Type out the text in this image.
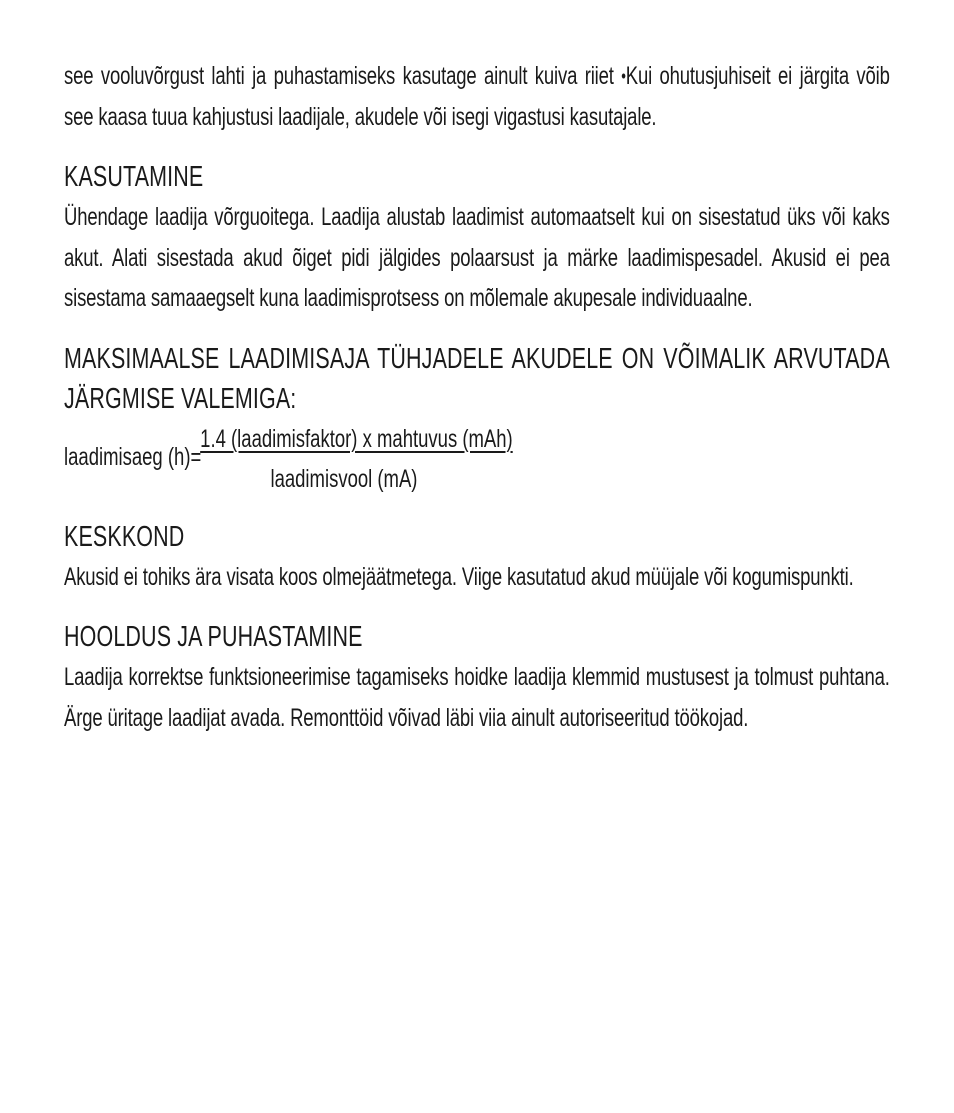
see vooluvõrgust lahti ja puhastamiseks kasutage ainult kuiva riiet •Kui ohutusjuhiseit ei järgita võib see kaasa tuua kahjustusi laadijale, akudele või isegi vigastusi kasutajale.

KASUTAMINE

Ühendage laadija võrguoitega. Laadija alustab laadimist automaatselt kui on sisestatud üks või kaks akut. Alati sisestada akud õiget pidi jälgides polaarsust ja märke laadimispesadel. Akusid ei pea sisestama samaaegselt kuna laadimisprotsess on mõlemale akupesale individuaalne.

MAKSIMAALSE LAADIMISAJA TÜHJADELE AKUDELE ON VÕIMALIK ARVUTADA JÄRGMISE VALEMIGA:
laadimisaeg (h)=
1.4 (laadimisfaktor) x mahtuvus (mAh)
laadimisvool (mA)
KESKKOND

Akusid ei tohiks ära visata koos olmejäätmetega. Viige kasutatud akud müüjale või kogumispunkti.

HOOLDUS JA PUHASTAMINE

Laadija korrektse funktsioneerimise tagamiseks hoidke laadija klemmid mustusest ja tolmust puhtana. Ärge üritage laadijat avada. Remonttöid võivad läbi viia ainult autoriseeritud töökojad.
